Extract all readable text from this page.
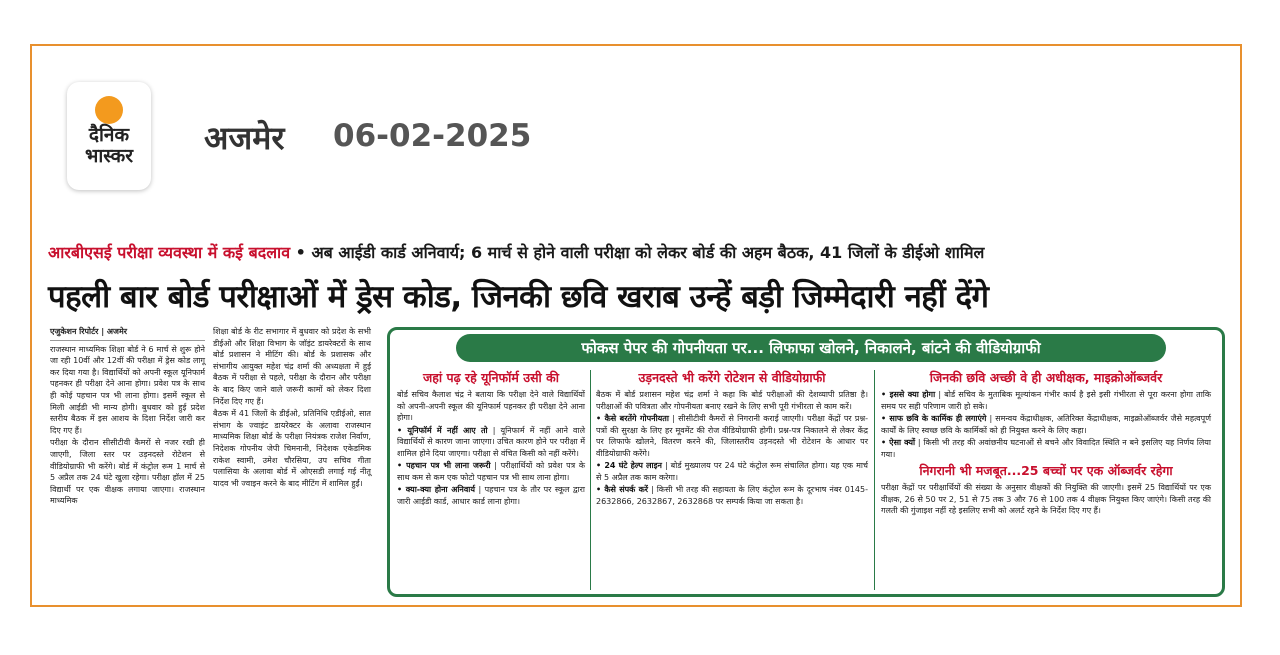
दैनिक
भास्कर	अजमेर 06-02-2025
आरबीएसई परीक्षा व्यवस्था में कई बदलाव • अब आईडी कार्ड अनिवार्य; 6 मार्च से होने वाली परीक्षा को लेकर बोर्ड की अहम बैठक, 41 जिलों के डीईओ शामिल
पहली बार बोर्ड परीक्षाओं में ड्रेस कोड, जिनकी छवि खराब उन्हें बड़ी जिम्मेदारी नहीं देंगे
एजुकेशन रिपोर्टर | अजमेर

राजस्थान माध्यमिक शिक्षा बोर्ड ने 6 मार्च से शुरू होने जा रही 10वीं और 12वीं की परीक्षा में ड्रेस कोड लागू कर दिया गया है। विद्यार्थियों को अपनी स्कूल यूनिफार्म पहनकर ही परीक्षा देने आना होगा। प्रवेश पत्र के साथ ही कोई पहचान पत्र भी लाना होगा। इसमें स्कूल से मिली आईडी भी मान्य होगी। बुधवार को हुई प्रदेश स्तरीय बैठक में इस आशय के दिशा निर्देश जारी कर दिए गए हैं।

परीक्षा के दौरान सीसीटीवी कैमरों से नजर रखी ही जाएगी, जिला स्तर पर उड़नदस्ते रोटेशन से वीडियोग्राफी भी करेंगे। बोर्ड में कंट्रोल रूम 1 मार्च से 5 अप्रैल तक 24 घंटे खुला रहेगा। परीक्षा हॉल में 25 विद्यार्थी पर एक वीक्षक लगाया जाएगा। राजस्थान माध्यमिक

शिक्षा बोर्ड के रीट सभागार में बुधवार को प्रदेश के सभी डीईओ और शिक्षा विभाग के जॉइंट डायरेक्टरों के साथ बोर्ड प्रशासन ने मीटिंग की। बोर्ड के प्रशासक और संभागीय आयुक्त महेश चंद्र शर्मा की अध्यक्षता में हुई बैठक में परीक्षा से पहले, परीक्षा के दौरान और परीक्षा के बाद किए जाने वाले जरूरी कामों को लेकर दिशा निर्देश दिए गए हैं।

बैठक में 41 जिलों के डीईओ, प्रतिनिधि एडीईओ, सात संभाग के ज्वाइंट डायरेक्टर के अलावा राजस्थान माध्यमिक शिक्षा बोर्ड के परीक्षा नियंत्रक राजेश निर्वाण, निदेशक गोपनीय जेपी चिमनानी, निदेशक एकेडमिक राकेश स्वामी, उमेश चौरसिया, उप सचिव गीता पलासिया के अलावा बोर्ड में ओएसडी लगाई गई नीतू यादव भी ज्वाइन करने के बाद मीटिंग में शामिल हुईं।

फोकस पेपर की गोपनीयता पर... लिफाफा खोलने, निकालने, बांटने की वीडियोग्राफी
जहां पढ़ रहे यूनिफॉर्म उसी की

बोर्ड सचिव कैलाश चंद्र ने बताया कि परीक्षा देने वाले विद्यार्थियों को अपनी-अपनी स्कूल की यूनिफार्म पहनकर ही परीक्षा देने आना होगा।

• यूनिफॉर्म में नहीं आए तो | यूनिफार्म में नहीं आने वाले विद्यार्थियों से कारण जाना जाएगा। उचित कारण होने पर परीक्षा में शामिल होने दिया जाएगा। परीक्षा से वंचित किसी को नहीं करेंगे।

• पहचान पत्र भी लाना जरूरी | परीक्षार्थियों को प्रवेश पत्र के साथ कम से कम एक फोटो पहचान पत्र भी साथ लाना होगा।

• क्या-क्या होना अनिवार्य | पहचान पत्र के तौर पर स्कूल द्वारा जारी आईडी कार्ड, आधार कार्ड लाना होगा।

उड़नदस्ते भी करेंगे रोटेशन से वीडियोग्राफी

बैठक में बोर्ड प्रशासन महेश चंद्र शर्मा ने कहा कि बोर्ड परीक्षाओं की देशव्यापी प्रतिष्ठा है। परीक्षाओं की पवित्रता और गोपनीयता बनाए रखने के लिए सभी पूरी गंभीरता से काम करें।

• कैसे बरतेंगे गोपनीयता | सीसीटीवी कैमरों से निगरानी कराई जाएगी। परीक्षा केंद्रों पर प्रश्न-पत्रों की सुरक्षा के लिए हर मूवमेंट की रोज वीडियोग्राफी होगी। प्रश्न-पत्र निकालने से लेकर केंद्र पर लिफाफे खोलने, वितरण करने की, जिलास्तरीय उड़नदस्ते भी रोटेशन के आधार पर वीडियोग्राफी करेंगे।

• 24 घंटे हेल्प लाइन | बोर्ड मुख्यालय पर 24 घंटे कंट्रोल रूम संचालित होगा। यह एक मार्च से 5 अप्रैल तक काम करेगा।

• कैसे संपर्क करें | किसी भी तरह की सहायता के लिए कंट्रोल रूम के दूरभाष नंबर 0145-2632866, 2632867, 2632868 पर सम्पर्क किया जा सकता है।

जिनकी छवि अच्छी वे ही अधीक्षक, माइक्रोऑब्जर्वर

• इससे क्या होगा | बोर्ड सचिव के मुताबिक मूल्यांकन गंभीर कार्य है इसे इसी गंभीरता से पूरा करना होगा ताकि समय पर सही परिणाम जारी हो सके।

• साफ छवि के कार्मिक ही लगाएंगे | समन्वय केंद्राधीक्षक, अतिरिक्त केंद्राधीक्षक, माइक्रोऑब्जर्वर जैसे महत्वपूर्ण कार्यों के लिए स्वच्छ छवि के कार्मिकों को ही नियुक्त करने के लिए कहा।

• ऐसा क्यों | किसी भी तरह की अवांछनीय घटनाओं से बचने और विवादित स्थिति न बने इसलिए यह निर्णय लिया गया।

निगरानी भी मजबूत...25 बच्चों पर एक ऑब्जर्वर रहेगा

परीक्षा केंद्रों पर परीक्षार्थियों की संख्या के अनुसार वीक्षकों की नियुक्ति की जाएगी। इसमें 25 विद्यार्थियों पर एक वीक्षक, 26 से 50 पर 2, 51 से 75 तक 3 और 76 से 100 तक 4 वीक्षक नियुक्त किए जाएंगे। किसी तरह की गलती की गुंजाइश नहीं रहे इसलिए सभी को अलर्ट रहने के निर्देश दिए गए हैं।
